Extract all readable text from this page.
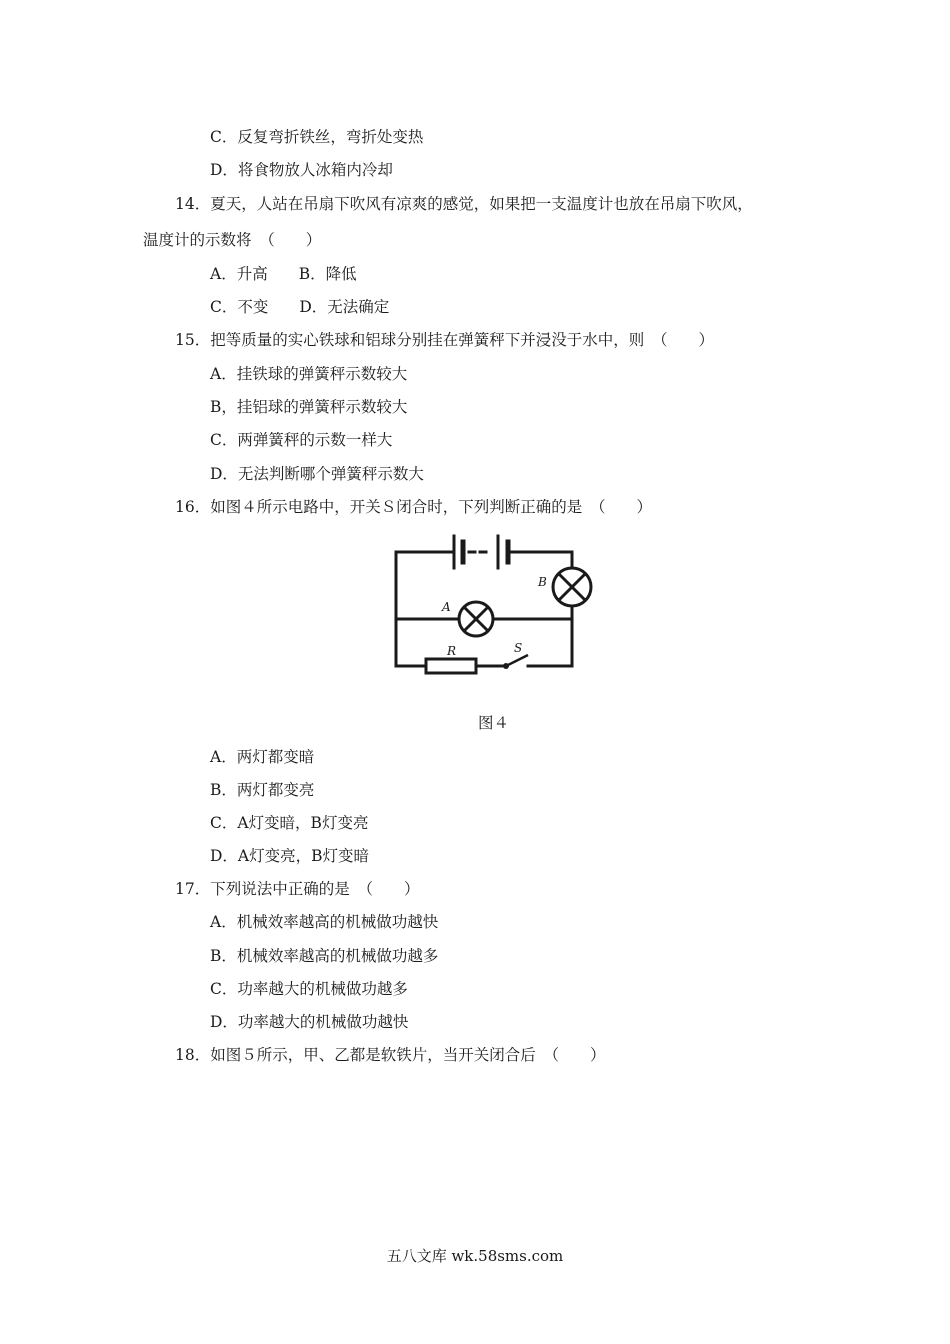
C．反复弯折铁丝，弯折处变热
D．将食物放人冰箱内冷却
14．夏天，人站在吊扇下吹风有凉爽的感觉，如果把一支温度计也放在吊扇下吹风，
温度计的示数将　（　　）
A．升高　　B．降低
C．不变　　D．无法确定
15．把等质量的实心铁球和铝球分别挂在弹簧秤下并浸没于水中，则　（　　）
A．挂铁球的弹簧秤示数较大
B，挂铝球的弹簧秤示数较大
C．两弹簧秤的示数一样大
D．无法判断哪个弹簧秤示数大
16．如图４所示电路中，开关Ｓ闭合时，下列判断正确的是　（　　）
A
B
R	S
图４
A．两灯都变暗
B．两灯都变亮
C．A灯变暗，B灯变亮
D．A灯变亮，B灯变暗
17．下列说法中正确的是　（　　）
A．机械效率越高的机械做功越快
B．机械效率越高的机械做功越多
C．功率越大的机械做功越多
D．功率越大的机械做功越快
18．如图５所示，甲、乙都是软铁片，当开关闭合后　（　　）
五八文库 wk.58sms.com
